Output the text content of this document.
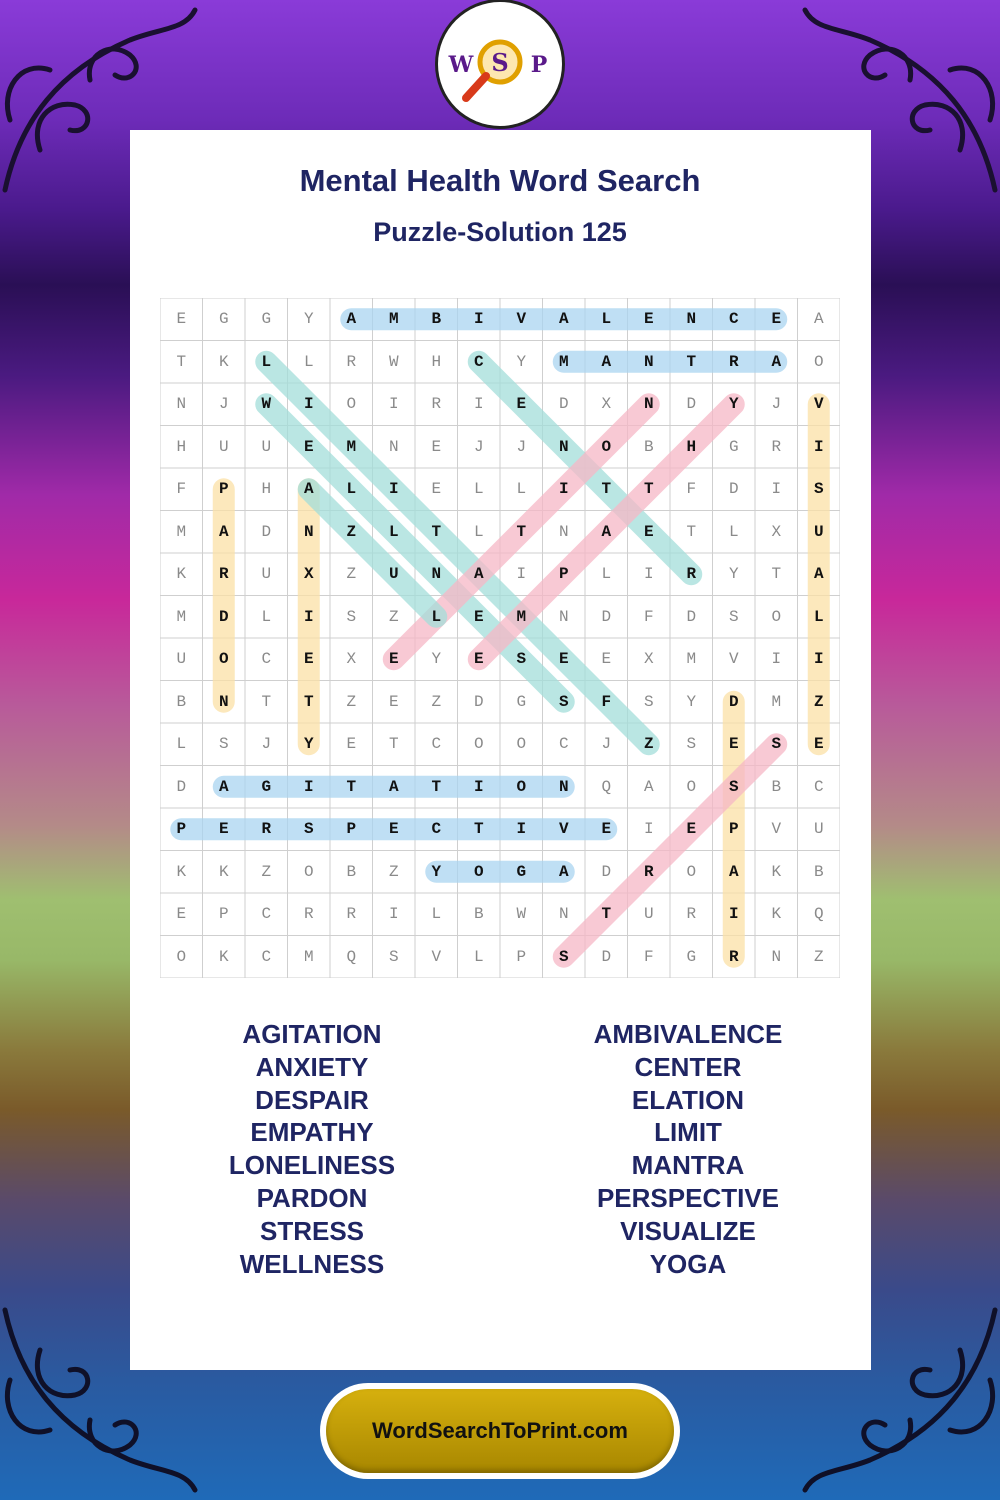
S
W	P
Mental Health Word Search
Puzzle-Solution 125
E	G	G	Y	A	M	B	I	V	A	L	E	N	C	E	A
T	K	L	L	R	W	H	C	Y	M	A	N	T	R	A	O
N	J	W	I	O	I	R	I	E	D	X	N	D	Y	J	V
H	U	U	E	M	N	E	J	J	N	O	B	H	G	R	I
F	P	H	A	L	I	E	L	L	I	T	T	F	D	I	S
M	A	D	N	Z	L	T	L	T	N	A	E	T	L	X	U
K	R	U	X	Z	U	N	A	I	P	L	I	R	Y	T	A
M	D	L	I	S	Z	L	E	M	N	D	F	D	S	O	L
U	O	C	E	X	E	Y	E	S	E	E	X	M	V	I	I
B	N	T	T	Z	E	Z	D	G	S	F	S	Y	D	M	Z
L	S	J	Y	E	T	C	O	O	C	J	Z	S	E	S	E
D	A	G	I	T	A	T	I	O	N	Q	A	O	S	B	C
P	E	R	S	P	E	C	T	I	V	E	I	E	P	V	U
K	K	Z	O	B	Z	Y	O	G	A	D	R	O	A	K	B
E	P	C	R	R	I	L	B	W	N	T	U	R	I	K	Q
O	K	C	M	Q	S	V	L	P	S	D	F	G	R	N	Z
AGITATION
ANXIETY
DESPAIR
EMPATHY
LONELINESS
PARDON
STRESS
WELLNESS
AMBIVALENCE
CENTER
ELATION
LIMIT
MANTRA
PERSPECTIVE
VISUALIZE
YOGA
WordSearchToPrint.com
